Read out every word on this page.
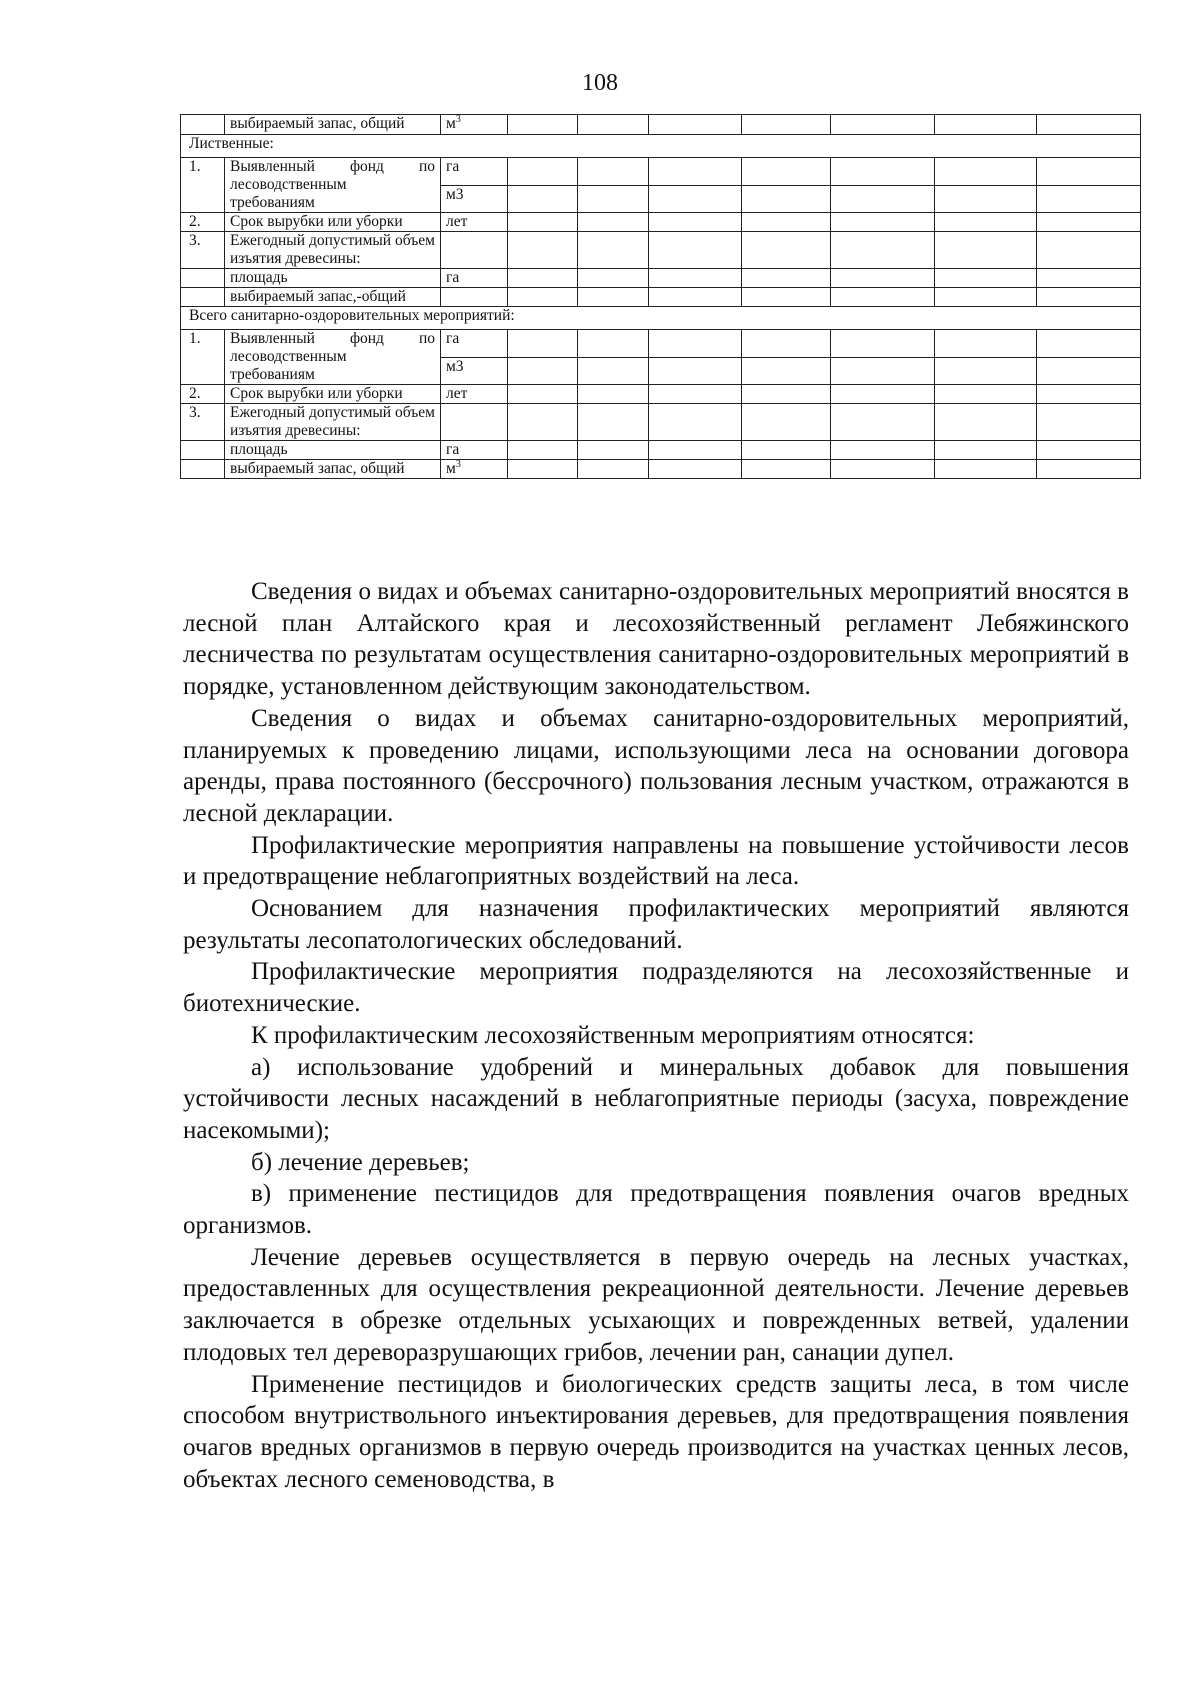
108
	выбираемый запас, общий	$м^3$							
Лиственные:									
1.	Выявленный фонд по лесоводственным требованиям	га							
		м3							
2.	Срок вырубки или уборки	лет							
3.	Ежегодный допустимый объем изъятия древесины:								
	площадь	га							
	выбираемый запас,-общий								
Всего санитарно-оздоровительных мероприятий:									
1.	Выявленный фонд по лесоводственным требованиям	га							
		м3							
2.	Срок вырубки или уборки	лет							
3.	Ежегодный допустимый объем изъятия древесины:								
	площадь	га							
	выбираемый запас, общий	$м^3$							

Сведения о видах и объемах санитарно-оздоровительных мероприятий вносятся в лесной план Алтайского края и лесохозяйственный регламент Лебяжинского лесничества по результатам осуществления санитарно-оздоровительных мероприятий в порядке, установленном действующим законодательством.

Сведения о видах и объемах санитарно-оздоровительных мероприятий, планируемых к проведению лицами, использующими леса на основании договора аренды, права постоянного (бессрочного) пользования лесным участком, отражаются в лесной декларации.

Профилактические мероприятия направлены на повышение устойчивости лесов и предотвращение неблагоприятных воздействий на леса.

Основанием для назначения профилактических мероприятий являются результаты лесопатологических обследований.

Профилактические мероприятия подразделяются на лесохозяйственные и биотехнические.

К профилактическим лесохозяйственным мероприятиям относятся:

а) использование удобрений и минеральных добавок для повышения устойчивости лесных насаждений в неблагоприятные периоды (засуха, повреждение насекомыми);

б) лечение деревьев;

в) применение пестицидов для предотвращения появления очагов вредных организмов.

Лечение деревьев осуществляется в первую очередь на лесных участках, предоставленных для осуществления рекреационной деятельности. Лечение деревьев заключается в обрезке отдельных усыхающих и поврежденных ветвей, удалении плодовых тел дереворазрушающих грибов, лечении ран, санации дупел.

Применение пестицидов и биологических средств защиты леса, в том числе способом внутриствольного инъектирования деревьев, для предотвращения появления очагов вредных организмов в первую очередь производится на участках ценных лесов, объектах лесного семеноводства, в
